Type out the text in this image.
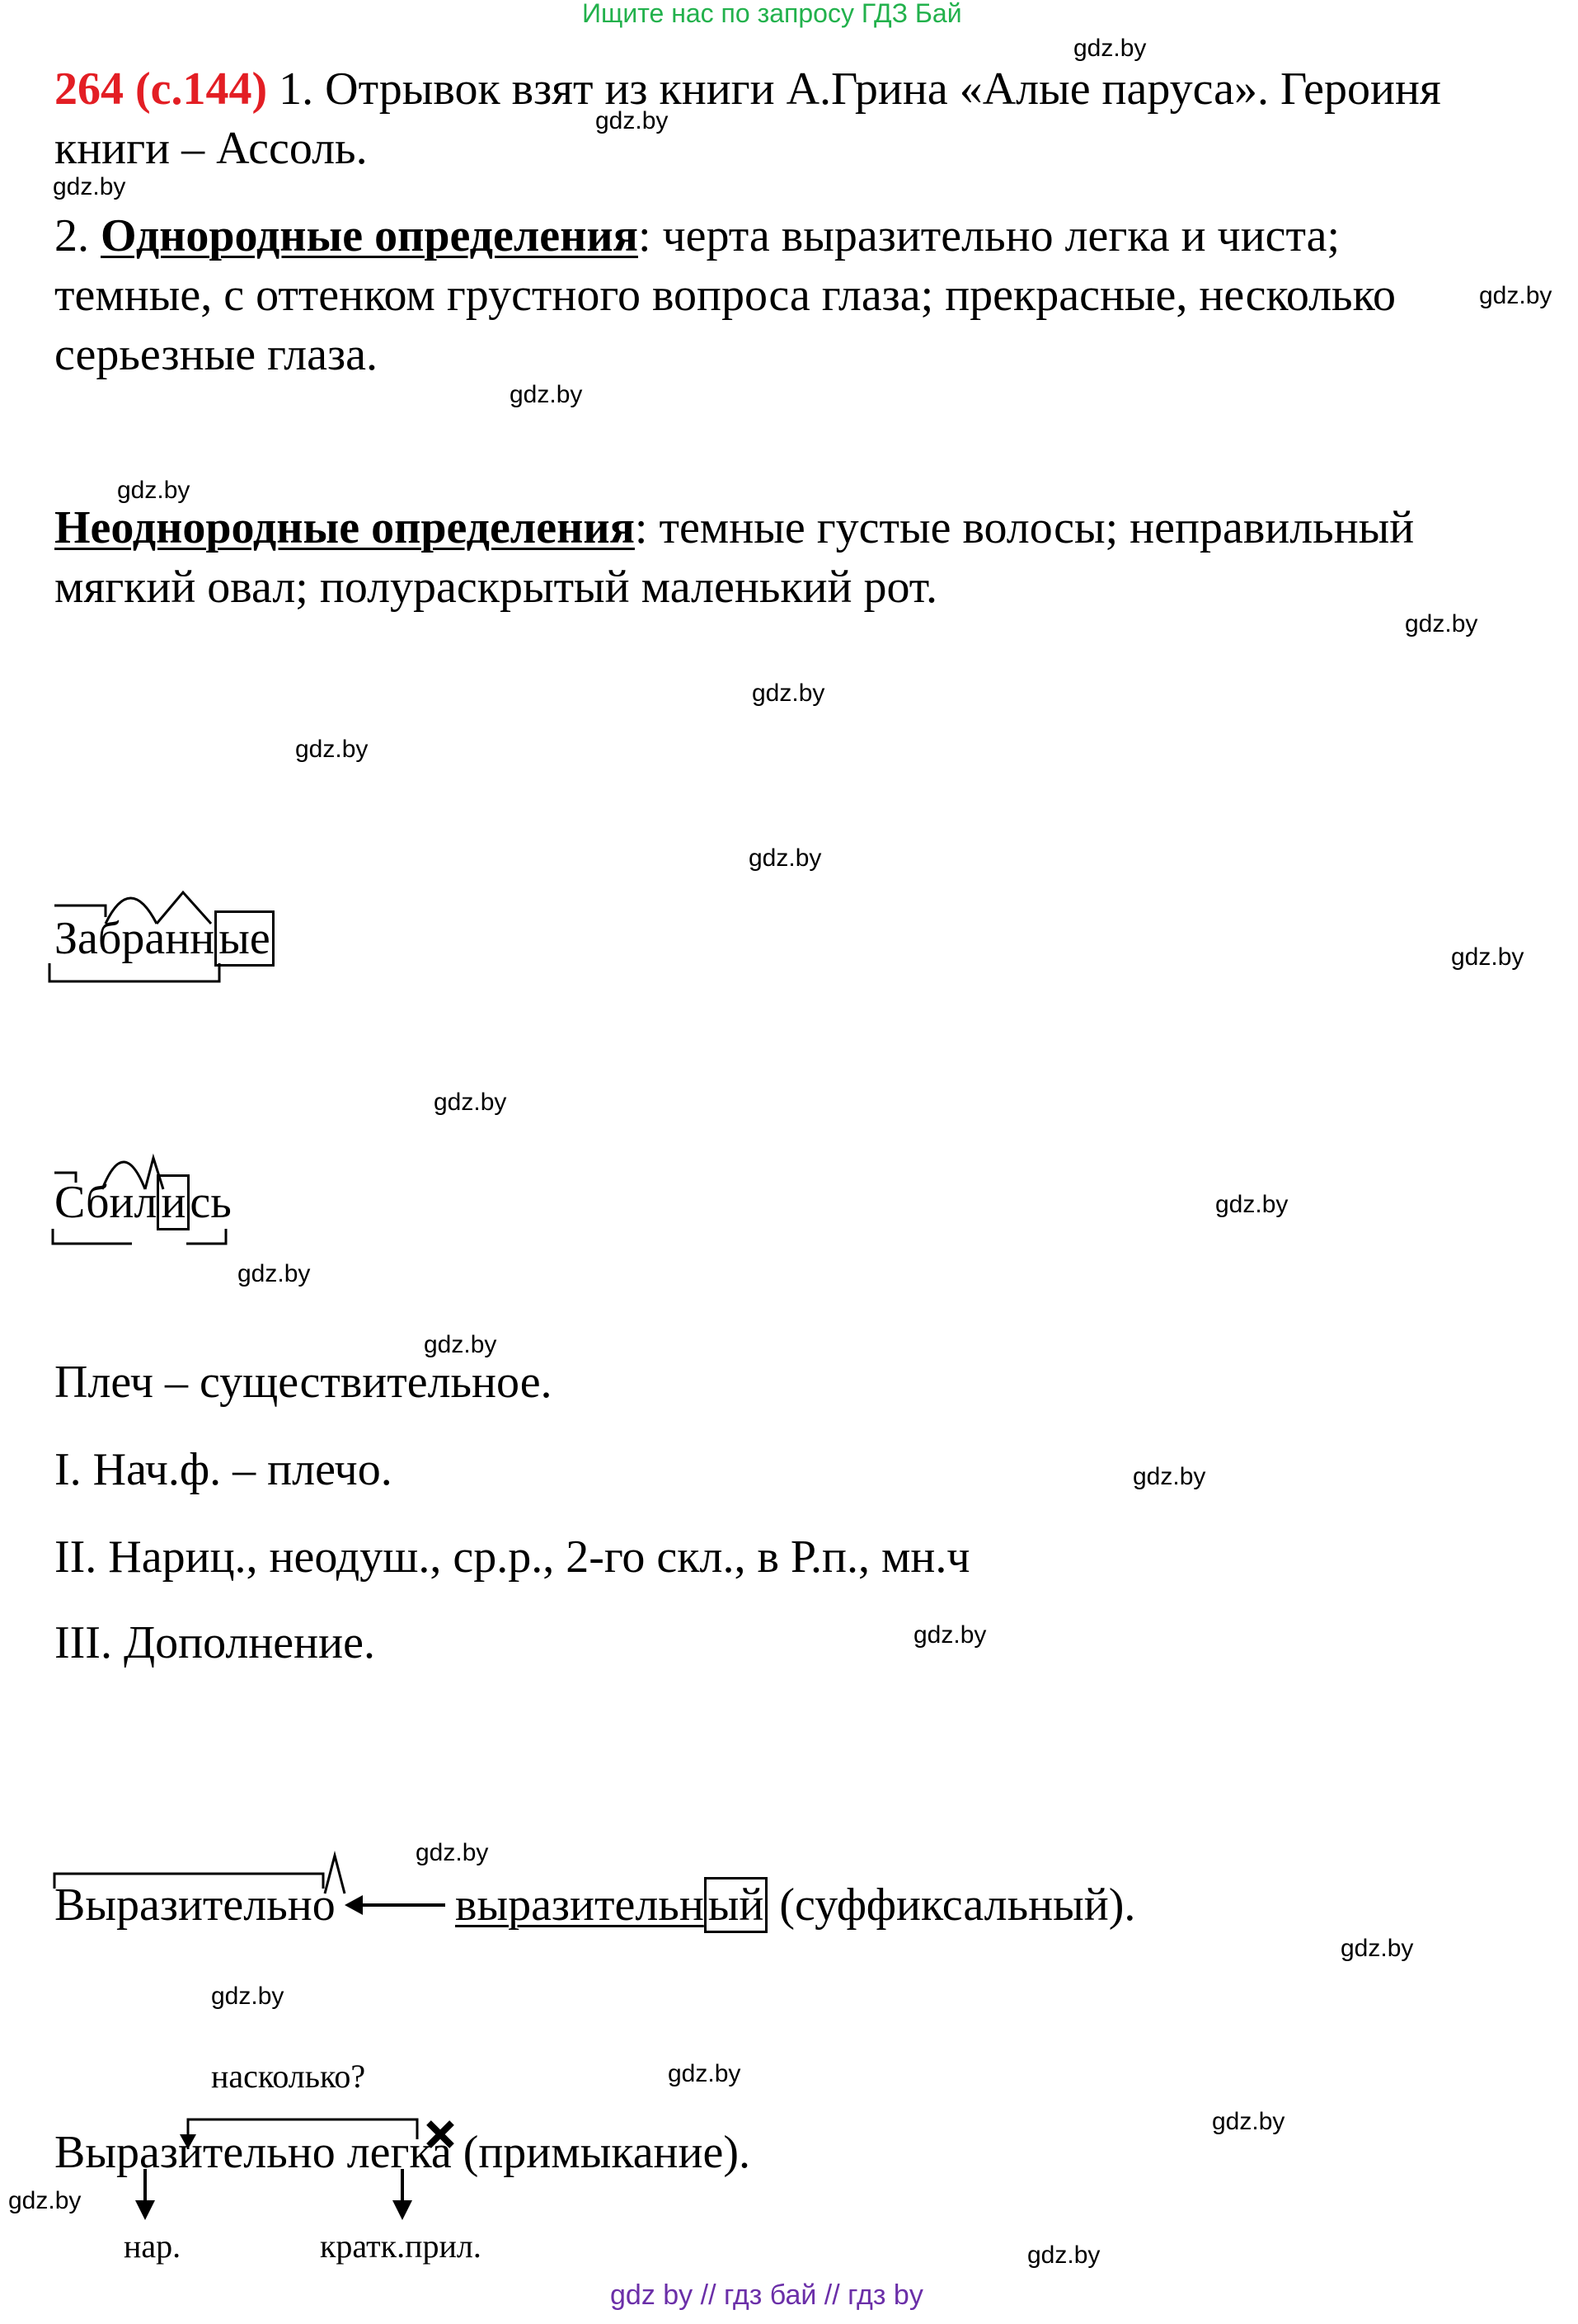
Ищите нас по запросу ГДЗ Бай
264 (с.144) 1. Отрывок взят из книги А.Грина «Алые паруса». Героиня
книги – Ассоль.
2. Однородные определения: черта выразительно легка и чиста;
темные, с оттенком грустного вопроса глаза; прекрасные, несколько
серьезные глаза.
Неоднородные определения: темные густые волосы; неправильный
мягкий овал; полураскрытый маленький рот.
Забранные
Сбились
Плеч – существительное.
I. Нач.ф. – плечо.
II. Нариц., неодуш., ср.р., 2-го скл., в Р.п., мн.ч
III. Дополнение.
Выразительно	выразительный (суффиксальный).
насколько?
Выразительно легка (примыкание).
нар.	кратк.прил.
gdz.by
gdz.by
gdz.by
gdz.by
gdz.by
gdz.by
gdz.by
gdz.by
gdz.by
gdz.by
gdz.by
gdz.by
gdz.by
gdz.by
gdz.by
gdz.by
gdz.by
gdz.by
gdz.by
gdz.by
gdz.by
gdz.by
gdz.by
gdz.by
gdz by // гдз бай // гдз by
